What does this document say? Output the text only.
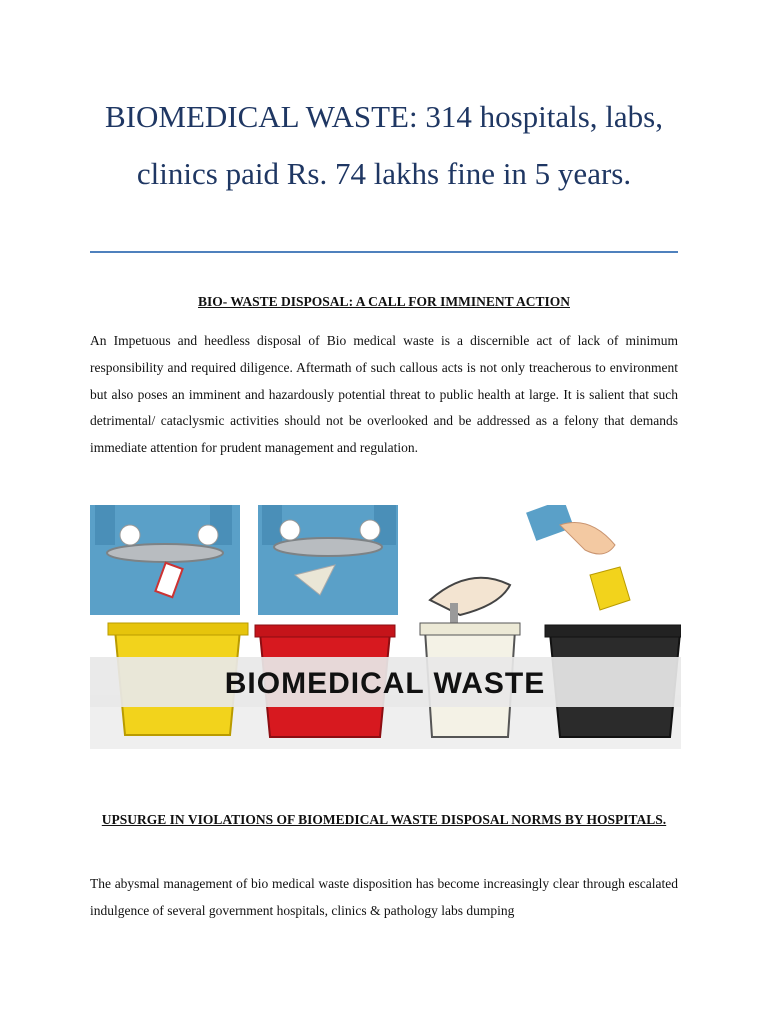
BIOMEDICAL WASTE: 314 hospitals, labs, clinics paid Rs. 74 lakhs fine in 5 years.
BIO- WASTE DISPOSAL: A CALL FOR IMMINENT ACTION

An Impetuous and heedless disposal of Bio medical waste is a discernible act of lack of minimum responsibility and required diligence. Aftermath of such callous acts is not only treacherous to environment but also poses an imminent and hazardously potential threat to public health at large. It is salient that such detrimental/ cataclysmic activities should not be overlooked and be addressed as a felony that demands immediate attention for prudent management and regulation.

BIOMEDICAL WASTE
UPSURGE IN VIOLATIONS OF BIOMEDICAL WASTE DISPOSAL NORMS BY HOSPITALS.

The abysmal management of bio medical waste disposition has become increasingly clear through escalated indulgence of several government hospitals, clinics & pathology labs dumping
